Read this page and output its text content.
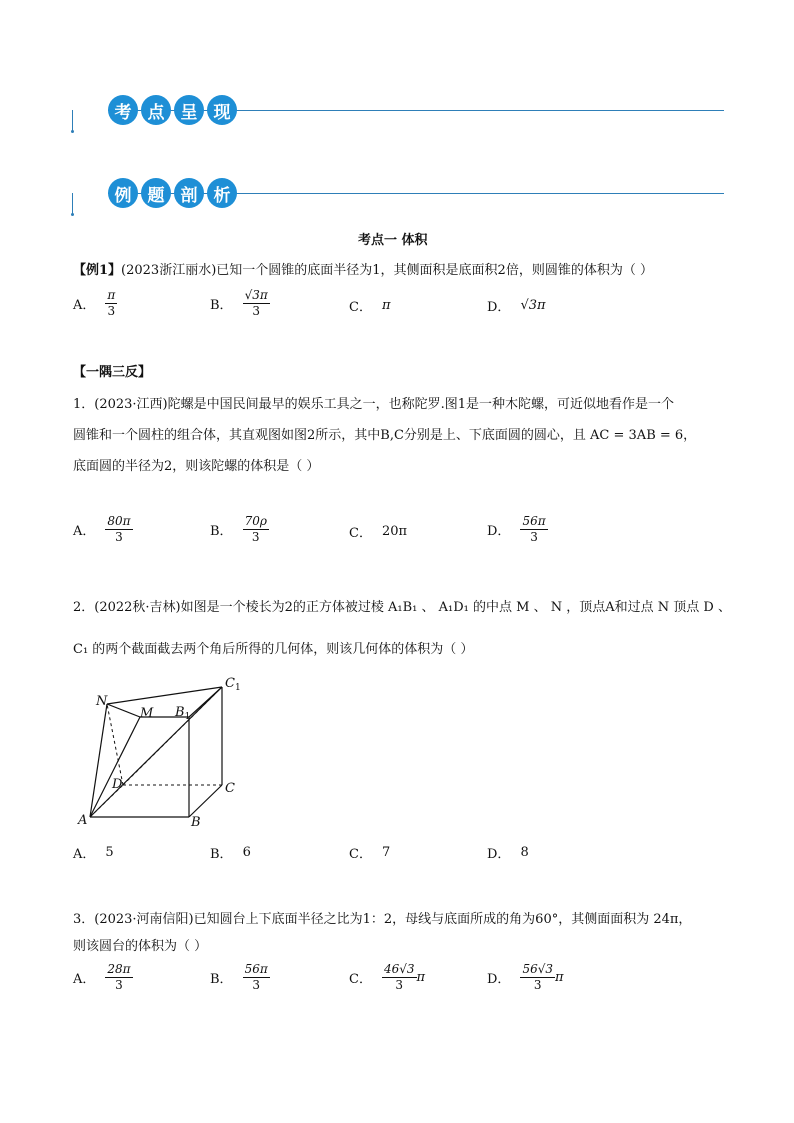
考 点 呈 现
例 题 剖 析
考点一 体积
【例1】(2023浙江丽水)已知一个圆锥的底面半径为1，其侧面积是底面积2倍，则圆锥的体积为（ ）
A． $\frac{\pi}{3}$	B． $\frac{√3\pi}{3}$	C． π	D． √3π
【一隅三反】
1．(2023·江西)陀螺是中国民间最早的娱乐工具之一，也称陀罗.图1是一种木陀螺，可近似地看作是一个
圆锥和一个圆柱的组合体，其直观图如图2所示，其中B,C分别是上、下底面圆的圆心，且 AC = 3AB = 6，
底面圆的半径为2，则该陀螺的体积是（ ）
A． $\frac{80\pi}{3}$	B． $\frac{70\rho}{3}$	C． 20π	D． $\frac{56\pi}{3}$
2．(2022秋·吉林)如图是一个棱长为2的正方体被过棱 A₁B₁ 、 A₁D₁ 的中点 M 、 N ，顶点A和过点 N 顶点 D 、
C₁ 的两个截面截去两个角后所得的几何体，则该几何体的体积为（ ）
N
M $B_1$
$C_1$
D	C
A	B
A． 5	B． 6	C． 7	D． 8
3．(2023·河南信阳)已知圆台上下底面半径之比为1：2，母线与底面所成的角为60°，其侧面面积为 24π，
则该圆台的体积为（ ）
A． $\frac{28\pi}{3}$	B． $\frac{56\pi}{3}$	C． $\frac{46√3}{3}$ π	D． $\frac{56√3}{3}$ π
